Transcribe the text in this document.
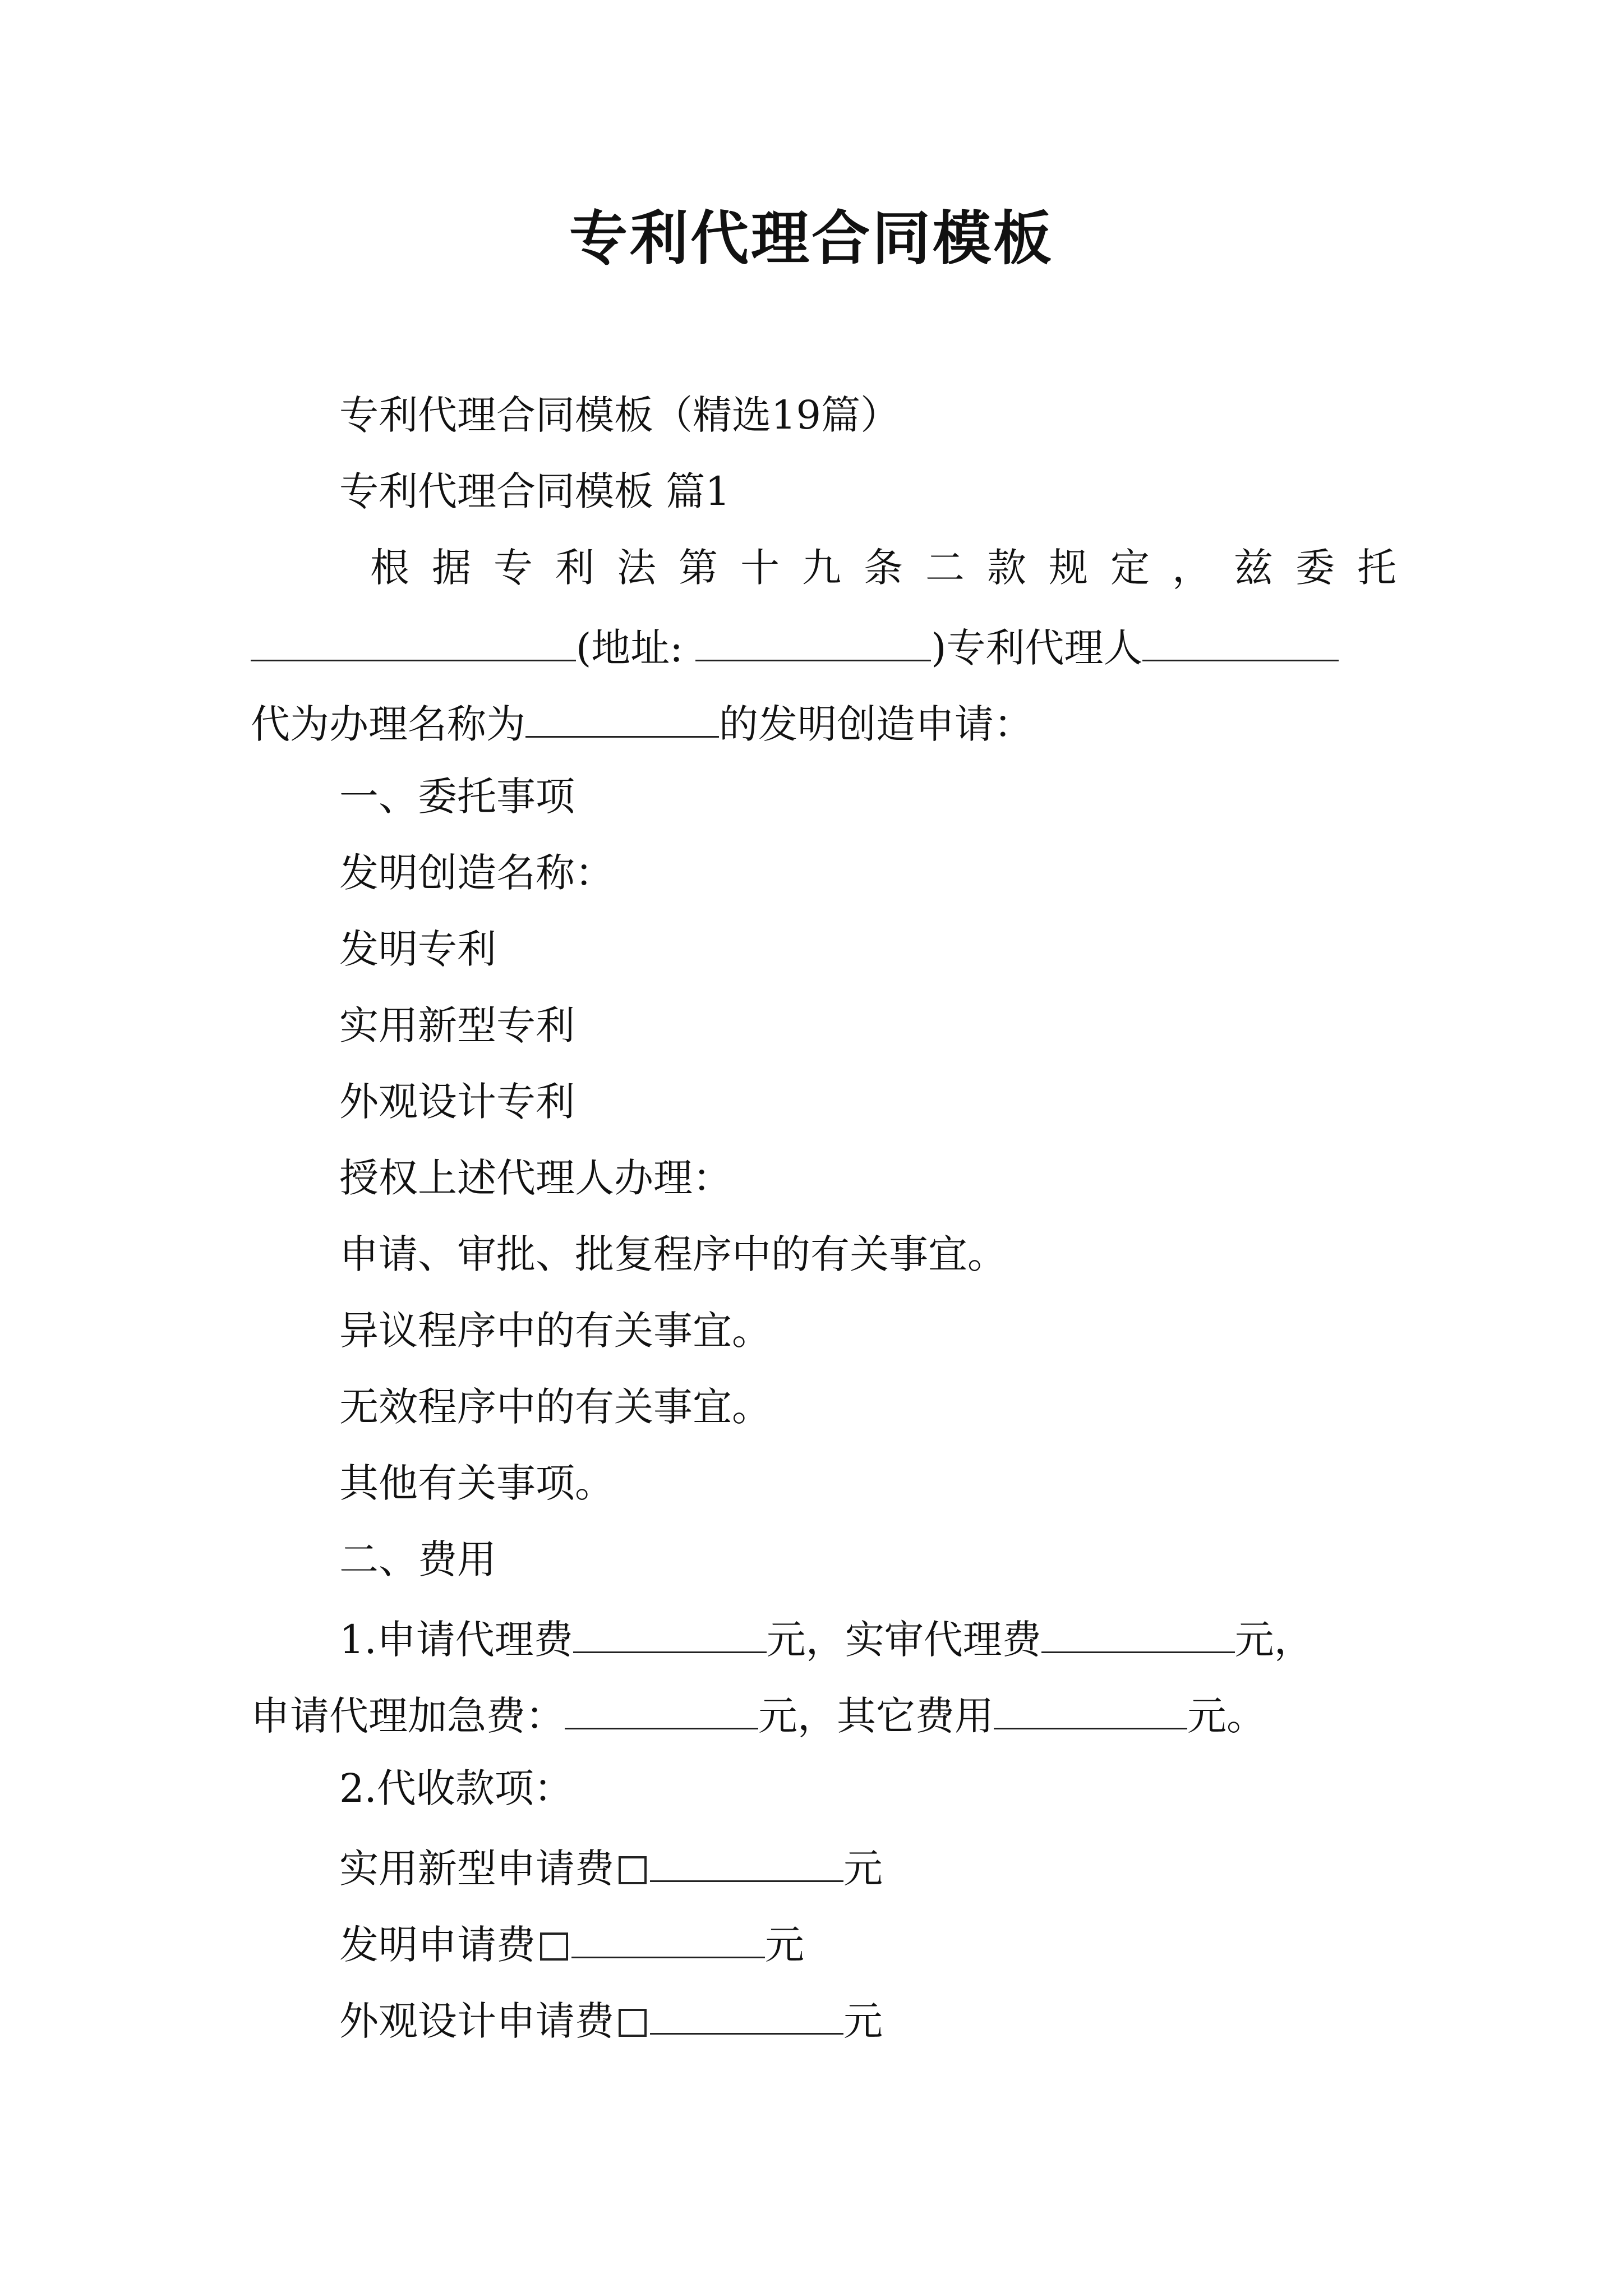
专利代理合同模板
专利代理合同模板（精选19篇）
专利代理合同模板 篇1
根据专利法第十九条二款规定，兹委托
(地址:	)专利代理人
代为办理名称为	的发明创造申请：
一、委托事项
发明创造名称：
发明专利
实用新型专利
外观设计专利
授权上述代理人办理：
申请、审批、批复程序中的有关事宜。
异议程序中的有关事宜。
无效程序中的有关事宜。
其他有关事项。
二、费用
1.申请代理费	元，实审代理费	元，
申请代理加急费：	元，其它费用	元。
2.代收款项：
实用新型申请费	元
发明申请费	元
外观设计申请费	元
